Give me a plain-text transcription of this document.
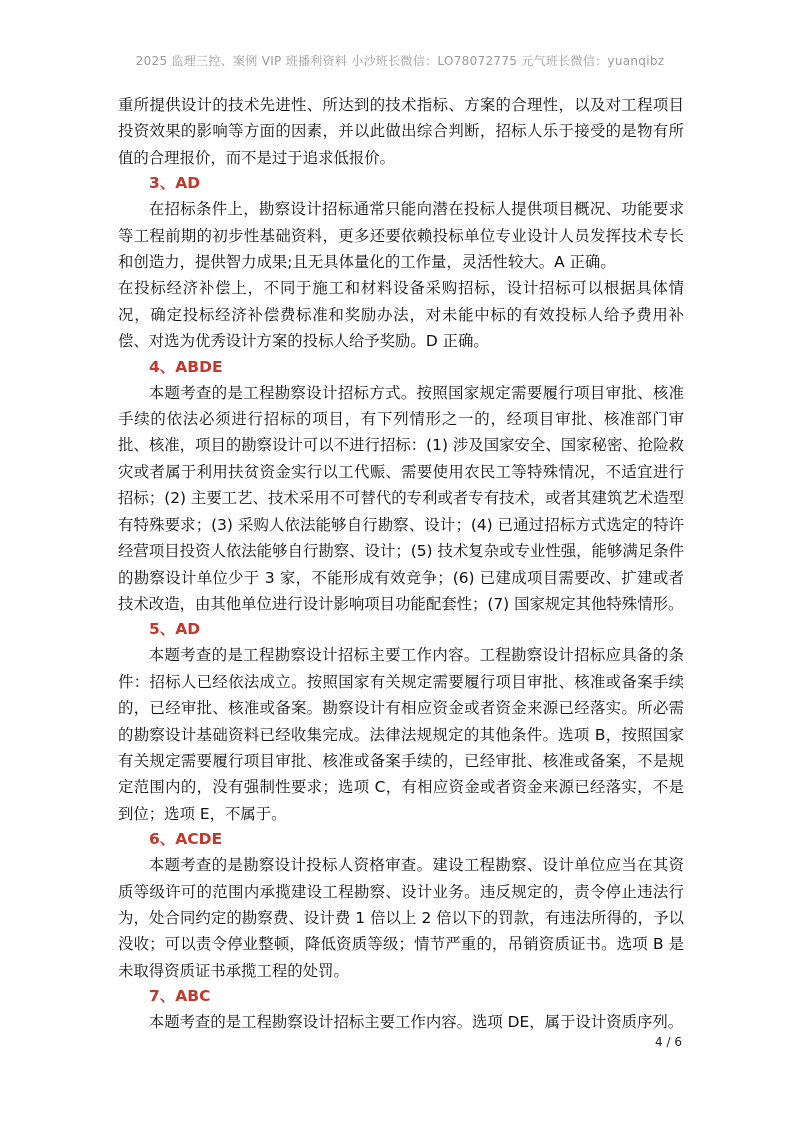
2025 监理三控、案例 VIP 班播利资料 小沙班长微信：LO78072775 元气班长微信：yuanqibz

重所提供设计的技术先进性、所达到的技术指标、方案的合理性，以及对工程项目投资效果的影响等方面的因素，并以此做出综合判断，招标人乐于接受的是物有所值的合理报价，而不是过于追求低报价。

3、AD

在招标条件上，勘察设计招标通常只能向潜在投标人提供项目概况、功能要求等工程前期的初步性基础资料，更多还要依赖投标单位专业设计人员发挥技术专长和创造力，提供智力成果;且无具体量化的工作量，灵活性较大。A 正确。

在投标经济补偿上，不同于施工和材料设备采购招标，设计招标可以根据具体情况，确定投标经济补偿费标准和奖励办法，对未能中标的有效投标人给予费用补偿、对选为优秀设计方案的投标人给予奖励。D 正确。

4、ABDE

本题考查的是工程勘察设计招标方式。按照国家规定需要履行项目审批、核准手续的依法必须进行招标的项目，有下列情形之一的，经项目审批、核准部门审批、核准，项目的勘察设计可以不进行招标：(1) 涉及国家安全、国家秘密、抢险救灾或者属于利用扶贫资金实行以工代赈、需要使用农民工等特殊情况，不适宜进行招标；(2) 主要工艺、技术采用不可替代的专利或者专有技术，或者其建筑艺术造型有特殊要求；(3) 采购人依法能够自行勘察、设计；(4) 已通过招标方式选定的特许经营项目投资人依法能够自行勘察、设计；(5) 技术复杂或专业性强，能够满足条件的勘察设计单位少于 3 家，不能形成有效竞争；(6) 已建成项目需要改、扩建或者技术改造，由其他单位进行设计影响项目功能配套性；(7) 国家规定其他特殊情形。

5、AD

本题考查的是工程勘察设计招标主要工作内容。工程勘察设计招标应具备的条件：招标人已经依法成立。按照国家有关规定需要履行项目审批、核准或备案手续的，已经审批、核准或备案。勘察设计有相应资金或者资金来源已经落实。所必需的勘察设计基础资料已经收集完成。法律法规规定的其他条件。选项 B，按照国家有关规定需要履行项目审批、核准或备案手续的，已经审批、核准或备案，不是规定范围内的，没有强制性要求；选项 C，有相应资金或者资金来源已经落实，不是到位；选项 E，不属于。

6、ACDE

本题考查的是勘察设计投标人资格审查。建设工程勘察、设计单位应当在其资质等级许可的范围内承揽建设工程勘察、设计业务。违反规定的，责令停止违法行为，处合同约定的勘察费、设计费 1 倍以上 2 倍以下的罚款，有违法所得的，予以没收；可以责令停业整顿，降低资质等级；情节严重的，吊销资质证书。选项 B 是未取得资质证书承揽工程的处罚。

7、ABC

本题考查的是工程勘察设计招标主要工作内容。选项 DE，属于设计资质序列。

4 / 6
